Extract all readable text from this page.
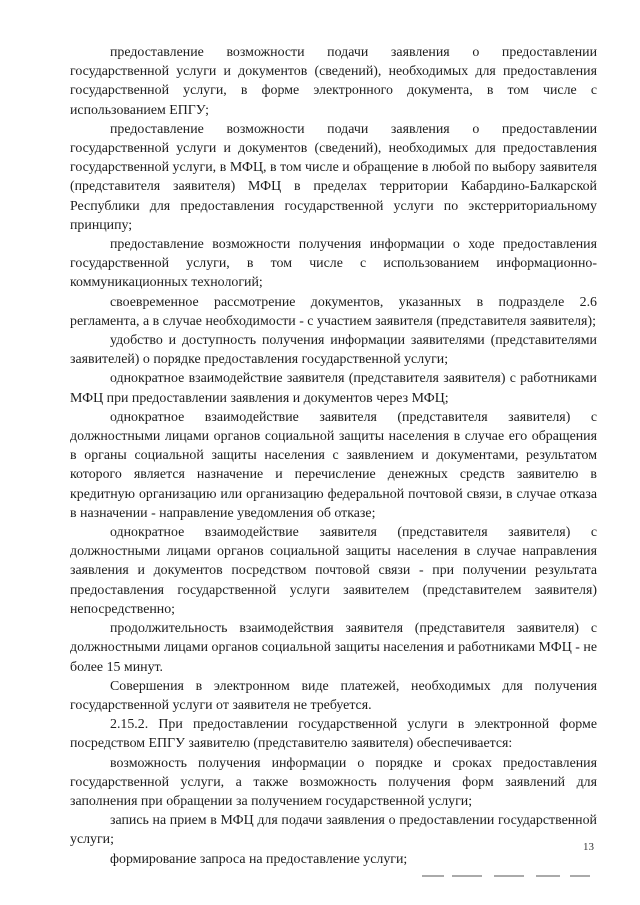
предоставление возможности подачи заявления о предоставлении государственной услуги и документов (сведений), необходимых для предоставления государственной услуги, в форме электронного документа, в том числе с использованием ЕПГУ;

предоставление возможности подачи заявления о предоставлении государственной услуги и документов (сведений), необходимых для предоставления государственной услуги, в МФЦ, в том числе и обращение в любой по выбору заявителя (представителя заявителя) МФЦ в пределах территории Кабардино-Балкарской Республики для предоставления государственной услуги по экстерриториальному принципу;

предоставление возможности получения информации о ходе предоставления государственной услуги, в том числе с использованием информационно-коммуникационных технологий;

своевременное рассмотрение документов, указанных в подразделе 2.6 регламента, а в случае необходимости - с участием заявителя (представителя заявителя);

удобство и доступность получения информации заявителями (представителями заявителей) о порядке предоставления государственной услуги;

однократное взаимодействие заявителя (представителя заявителя) с работниками МФЦ при предоставлении заявления и документов через МФЦ;

однократное взаимодействие заявителя (представителя заявителя) с должностными лицами органов социальной защиты населения в случае его обращения в органы социальной защиты населения с заявлением и документами, результатом которого является назначение и перечисление денежных средств заявителю в кредитную организацию или организацию федеральной почтовой связи, в случае отказа в назначении - направление уведомления об отказе;

однократное взаимодействие заявителя (представителя заявителя) с должностными лицами органов социальной защиты населения в случае направления заявления и документов посредством почтовой связи - при получении результата предоставления государственной услуги заявителем (представителем заявителя) непосредственно;

продолжительность взаимодействия заявителя (представителя заявителя) с должностными лицами органов социальной защиты населения и работниками МФЦ - не более 15 минут.

Совершения в электронном виде платежей, необходимых для получения государственной услуги от заявителя не требуется.

2.15.2. При предоставлении государственной услуги в электронной форме посредством ЕПГУ заявителю (представителю заявителя) обеспечивается:

возможность получения информации о порядке и сроках предоставления государственной услуги, а также возможность получения форм заявлений для заполнения при обращении за получением государственной услуги;

запись на прием в МФЦ для подачи заявления о предоставлении государственной услуги;

формирование запроса на предоставление услуги;

13
